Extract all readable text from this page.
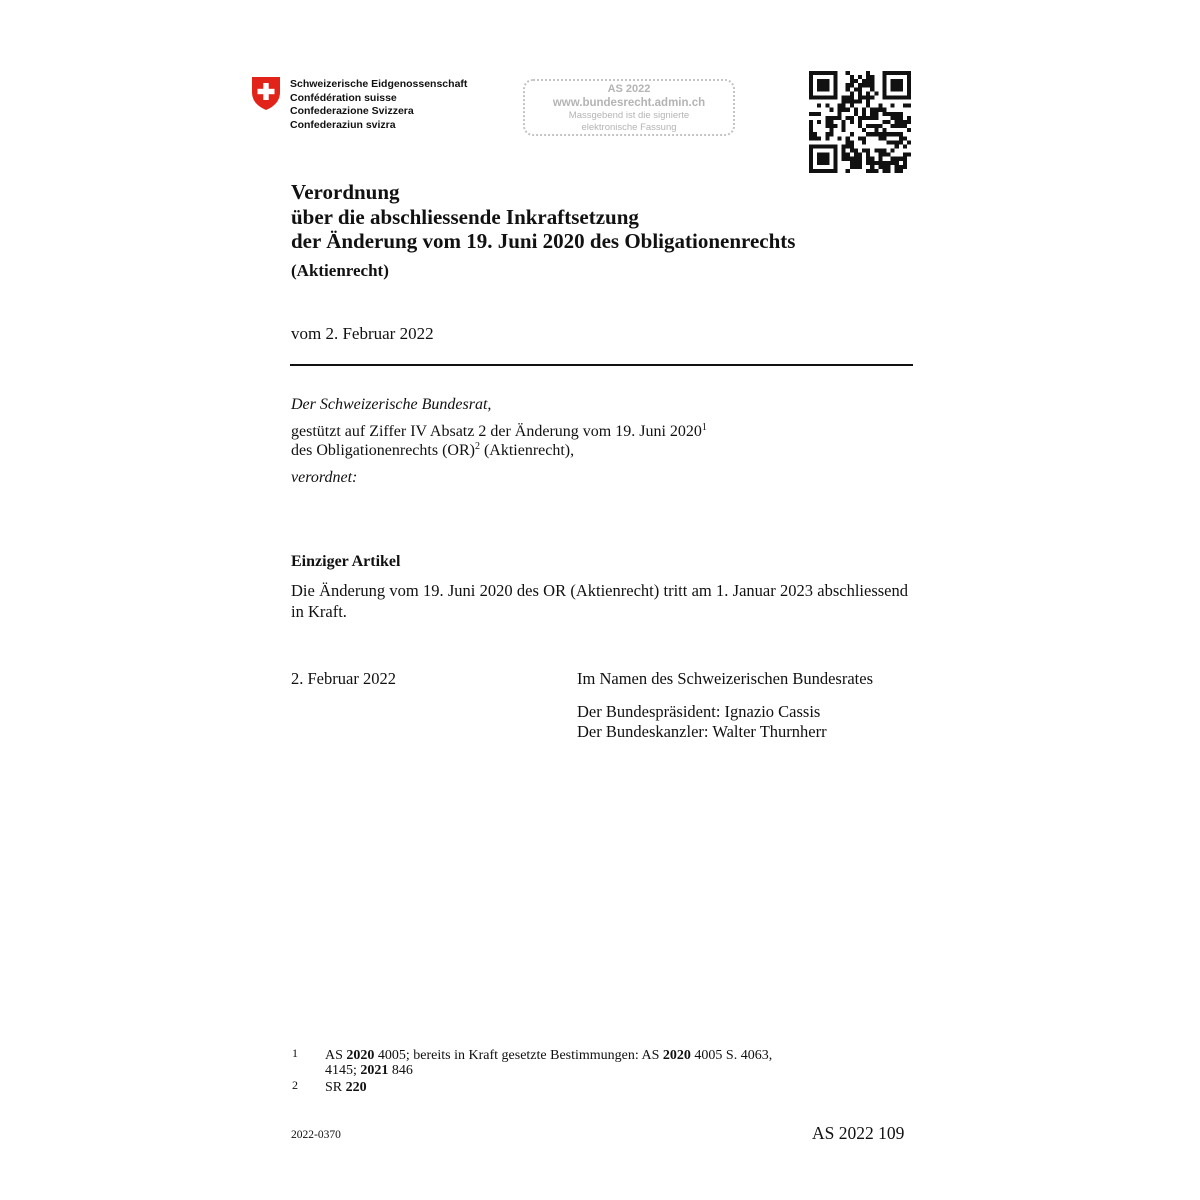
Schweizerische Eidgenossenschaft
Confédération suisse
Confederazione Svizzera
Confederaziun svizra
AS 2022
www.bundesrecht.admin.ch
Massgebend ist die signierte
elektronische Fassung
Verordnung
über die abschliessende Inkraftsetzung
der Änderung vom 19. Juni 2020 des Obligationenrechts
(Aktienrecht)
vom 2. Februar 2022
Der Schweizerische Bundesrat,
gestützt auf Ziffer IV Absatz 2 der Änderung vom 19. Juni 2020$^1$
des Obligationenrechts (OR)$^2$ (Aktienrecht),
verordnet:
Einziger Artikel
Die Änderung vom 19. Juni 2020 des OR (Aktienrecht) tritt am 1. Januar 2023 abschliessend in Kraft.
2. Februar 2022	Im Namen des Schweizerischen Bundesrates
Der Bundespräsident: Ignazio Cassis
Der Bundeskanzler: Walter Thurnherr
1 AS 2020 4005; bereits in Kraft gesetzte Bestimmungen: AS 2020 4005 S. 4063,
4145; 2021 846
2 SR 220
2022-0370	AS 2022 109
